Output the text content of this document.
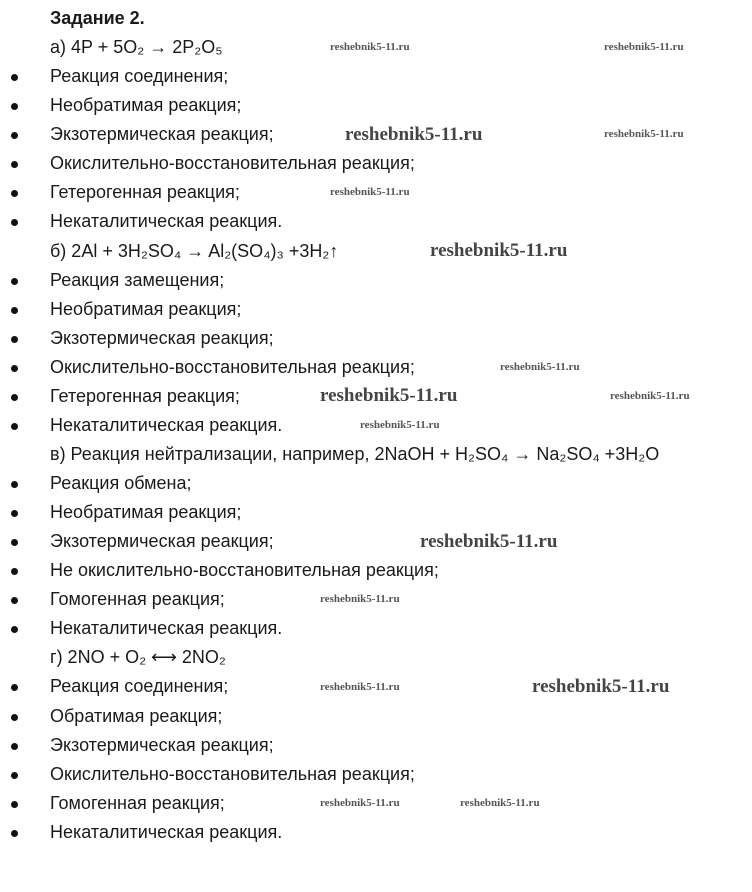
Задание 2.
а) 4P + 5O₂ → 2P₂O₅
Реакция соединения;
Необратимая реакция;
Экзотермическая реакция;
Окислительно-восстановительная реакция;
Гетерогенная реакция;
Некаталитическая реакция.
б) 2Al + 3H₂SO₄ → Al₂(SO₄)₃ +3H₂↑
Реакция замещения;
Необратимая реакция;
Экзотермическая реакция;
Окислительно-восстановительная реакция;
Гетерогенная реакция;
Некаталитическая реакция.
в) Реакция нейтрализации, например, 2NaOH + H₂SO₄ → Na₂SO₄ +3H₂O
Реакция обмена;
Необратимая реакция;
Экзотермическая реакция;
Не окислительно-восстановительная реакция;
Гомогенная реакция;
Некаталитическая реакция.
г) 2NO + O₂ ⟷ 2NO₂
Реакция соединения;
Обратимая реакция;
Экзотермическая реакция;
Окислительно-восстановительная реакция;
Гомогенная реакция;
Некаталитическая реакция.
reshebnik5-11.ru	reshebnik5-11.ru
reshebnik5-11.ru	reshebnik5-11.ru
reshebnik5-11.ru
reshebnik5-11.ru
reshebnik5-11.ru
reshebnik5-11.ru	reshebnik5-11.ru
reshebnik5-11.ru
reshebnik5-11.ru
reshebnik5-11.ru
reshebnik5-11.ru	reshebnik5-11.ru
reshebnik5-11.ru	reshebnik5-11.ru
